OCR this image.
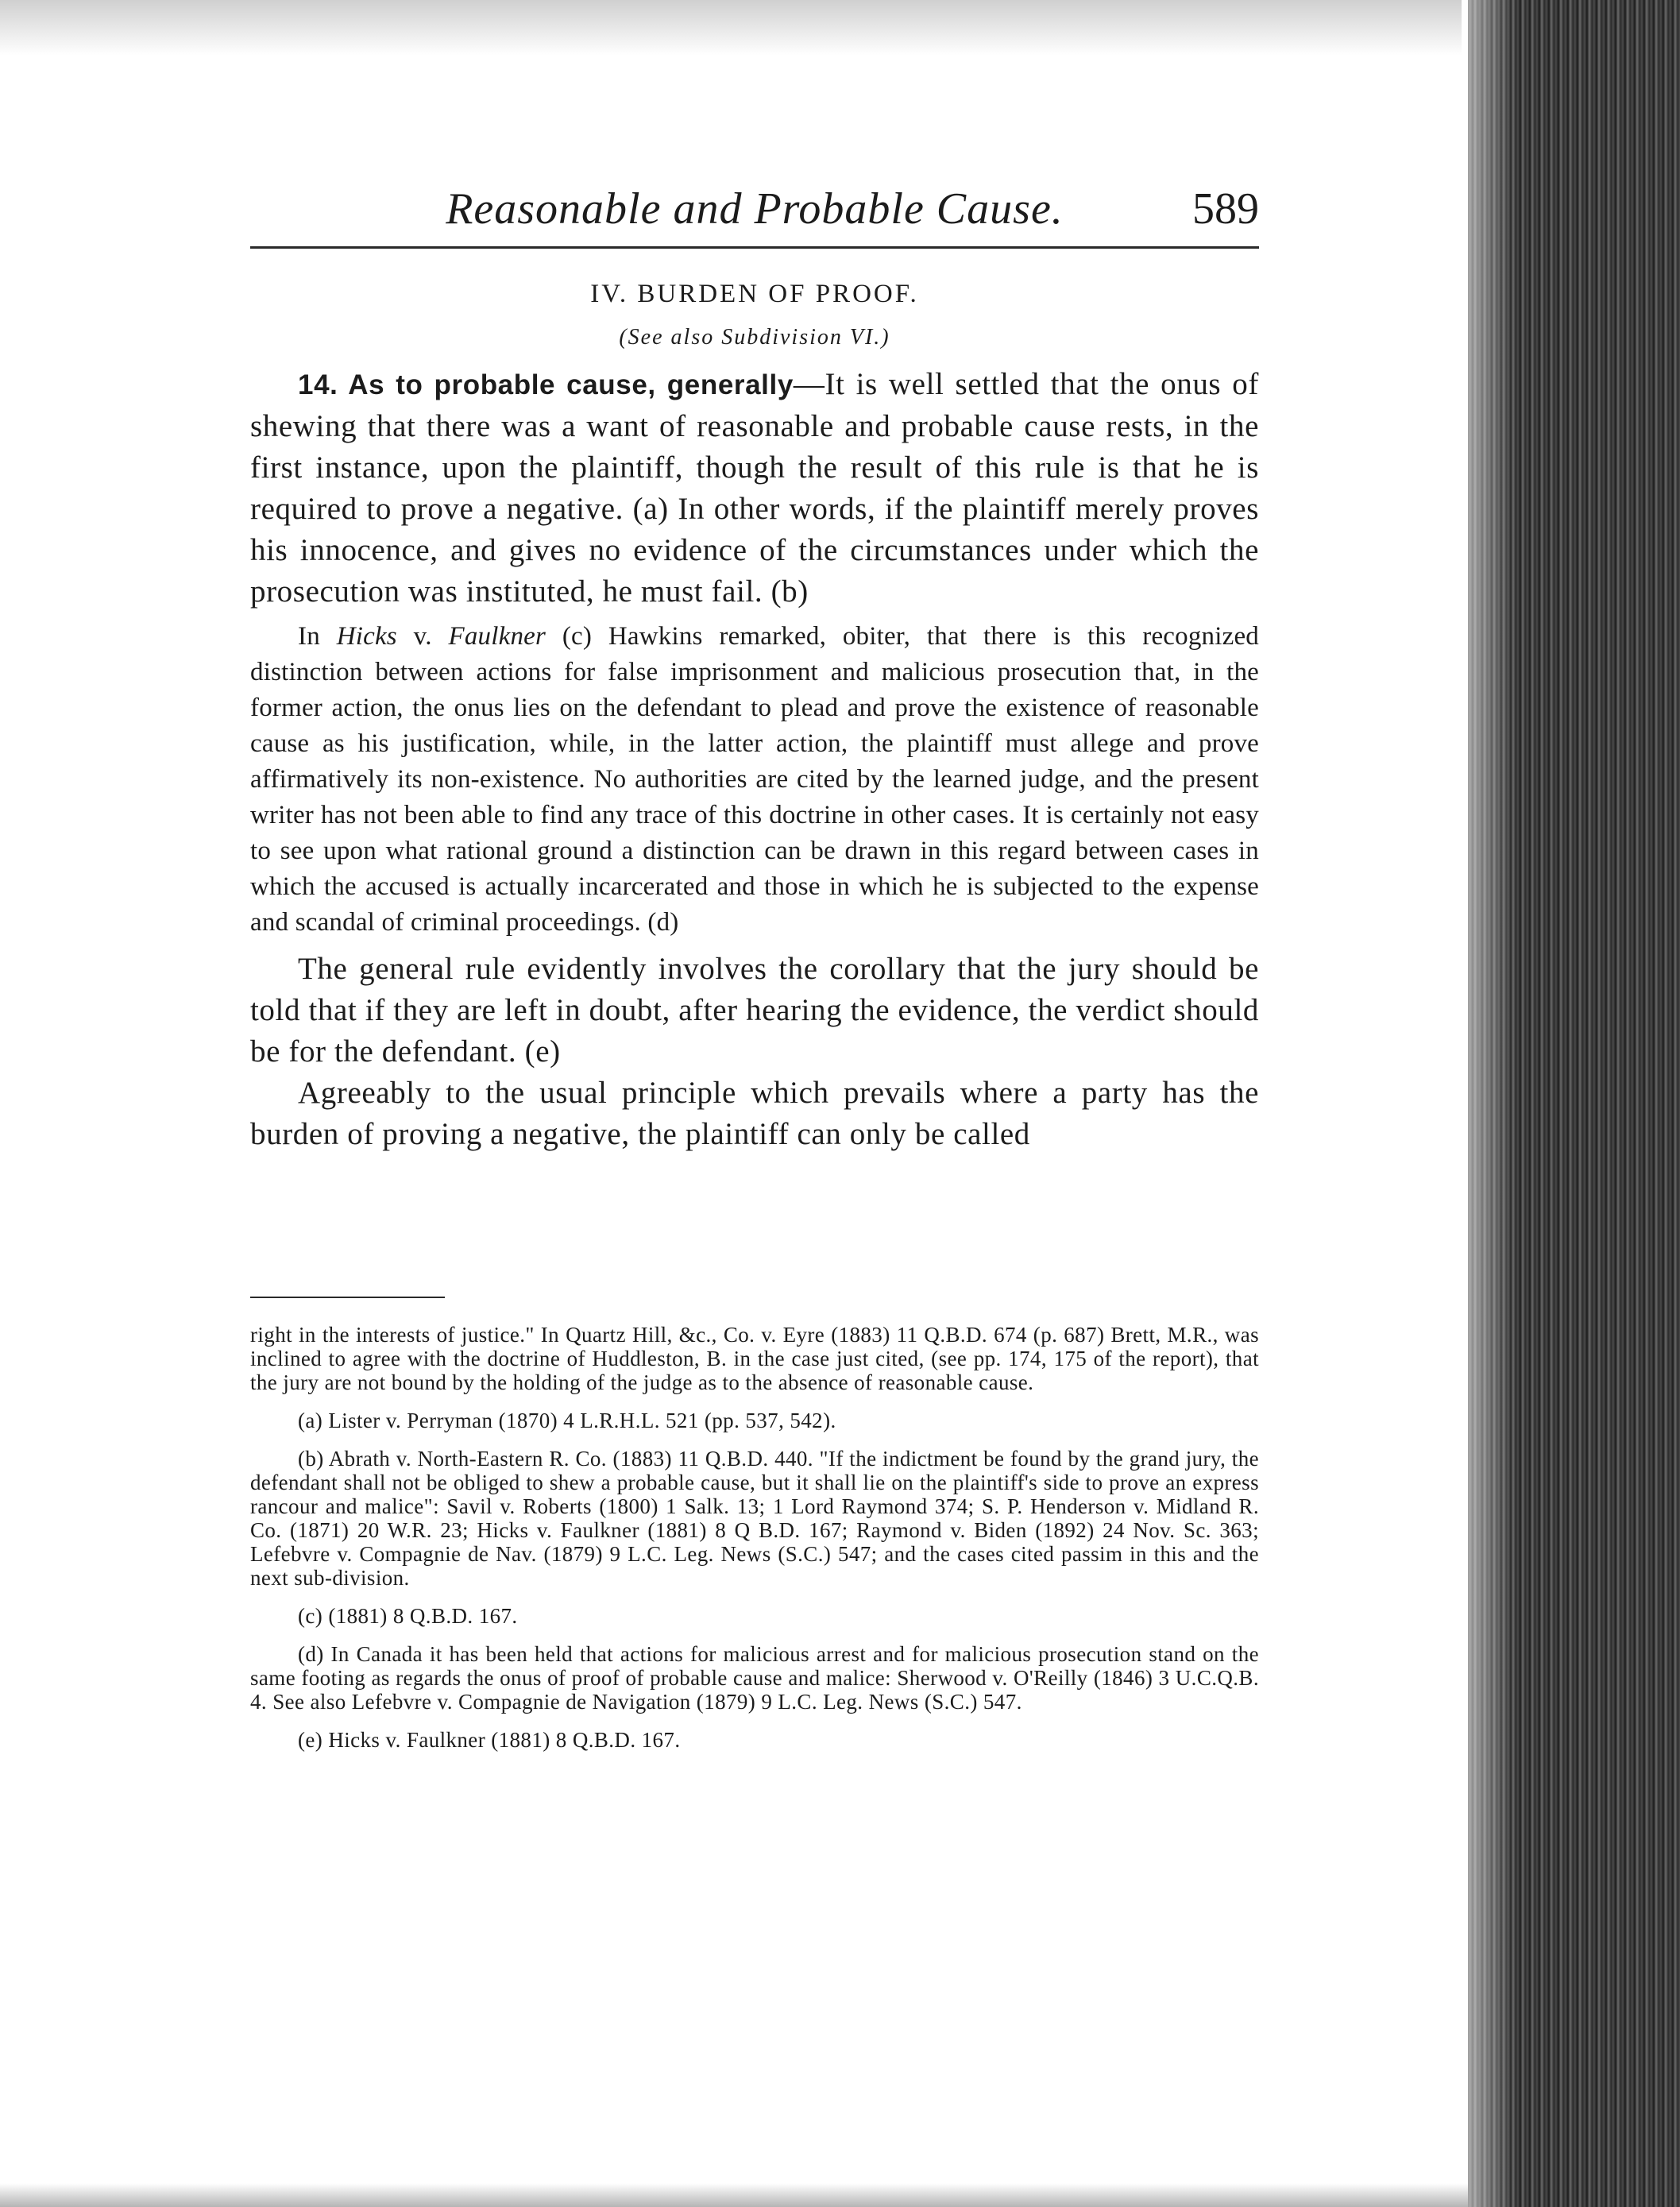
Reasonable and Probable Cause.	589

IV. BURDEN OF PROOF.

(See also Subdivision VI.)

14. As to probable cause, generally—It is well settled that the onus of shewing that there was a want of reasonable and probable cause rests, in the first instance, upon the plaintiff, though the result of this rule is that he is required to prove a negative. (a) In other words, if the plaintiff merely proves his innocence, and gives no evidence of the circumstances under which the prosecution was instituted, he must fail. (b)

In Hicks v. Faulkner (c) Hawkins remarked, obiter, that there is this recognized distinction between actions for false imprisonment and malicious prosecution that, in the former action, the onus lies on the defendant to plead and prove the existence of reasonable cause as his justification, while, in the latter action, the plaintiff must allege and prove affirmatively its non-existence. No authorities are cited by the learned judge, and the present writer has not been able to find any trace of this doctrine in other cases. It is certainly not easy to see upon what rational ground a distinction can be drawn in this regard between cases in which the accused is actually incarcerated and those in which he is subjected to the expense and scandal of criminal proceedings. (d)

The general rule evidently involves the corollary that the jury should be told that if they are left in doubt, after hearing the evidence, the verdict should be for the defendant. (e)

Agreeably to the usual principle which prevails where a party has the burden of proving a negative, the plaintiff can only be called

right in the interests of justice." In Quartz Hill, &c., Co. v. Eyre (1883) 11 Q.B.D. 674 (p. 687) Brett, M.R., was inclined to agree with the doctrine of Huddleston, B. in the case just cited, (see pp. 174, 175 of the report), that the jury are not bound by the holding of the judge as to the absence of reasonable cause.

(a) Lister v. Perryman (1870) 4 L.R.H.L. 521 (pp. 537, 542).

(b) Abrath v. North-Eastern R. Co. (1883) 11 Q.B.D. 440. "If the indictment be found by the grand jury, the defendant shall not be obliged to shew a probable cause, but it shall lie on the plaintiff's side to prove an express rancour and malice": Savil v. Roberts (1800) 1 Salk. 13; 1 Lord Raymond 374; S. P. Henderson v. Midland R. Co. (1871) 20 W.R. 23; Hicks v. Faulkner (1881) 8 Q B.D. 167; Raymond v. Biden (1892) 24 Nov. Sc. 363; Lefebvre v. Compagnie de Nav. (1879) 9 L.C. Leg. News (S.C.) 547; and the cases cited passim in this and the next sub-division.

(c) (1881) 8 Q.B.D. 167.

(d) In Canada it has been held that actions for malicious arrest and for malicious prosecution stand on the same footing as regards the onus of proof of probable cause and malice: Sherwood v. O'Reilly (1846) 3 U.C.Q.B. 4. See also Lefebvre v. Compagnie de Navigation (1879) 9 L.C. Leg. News (S.C.) 547.

(e) Hicks v. Faulkner (1881) 8 Q.B.D. 167.
